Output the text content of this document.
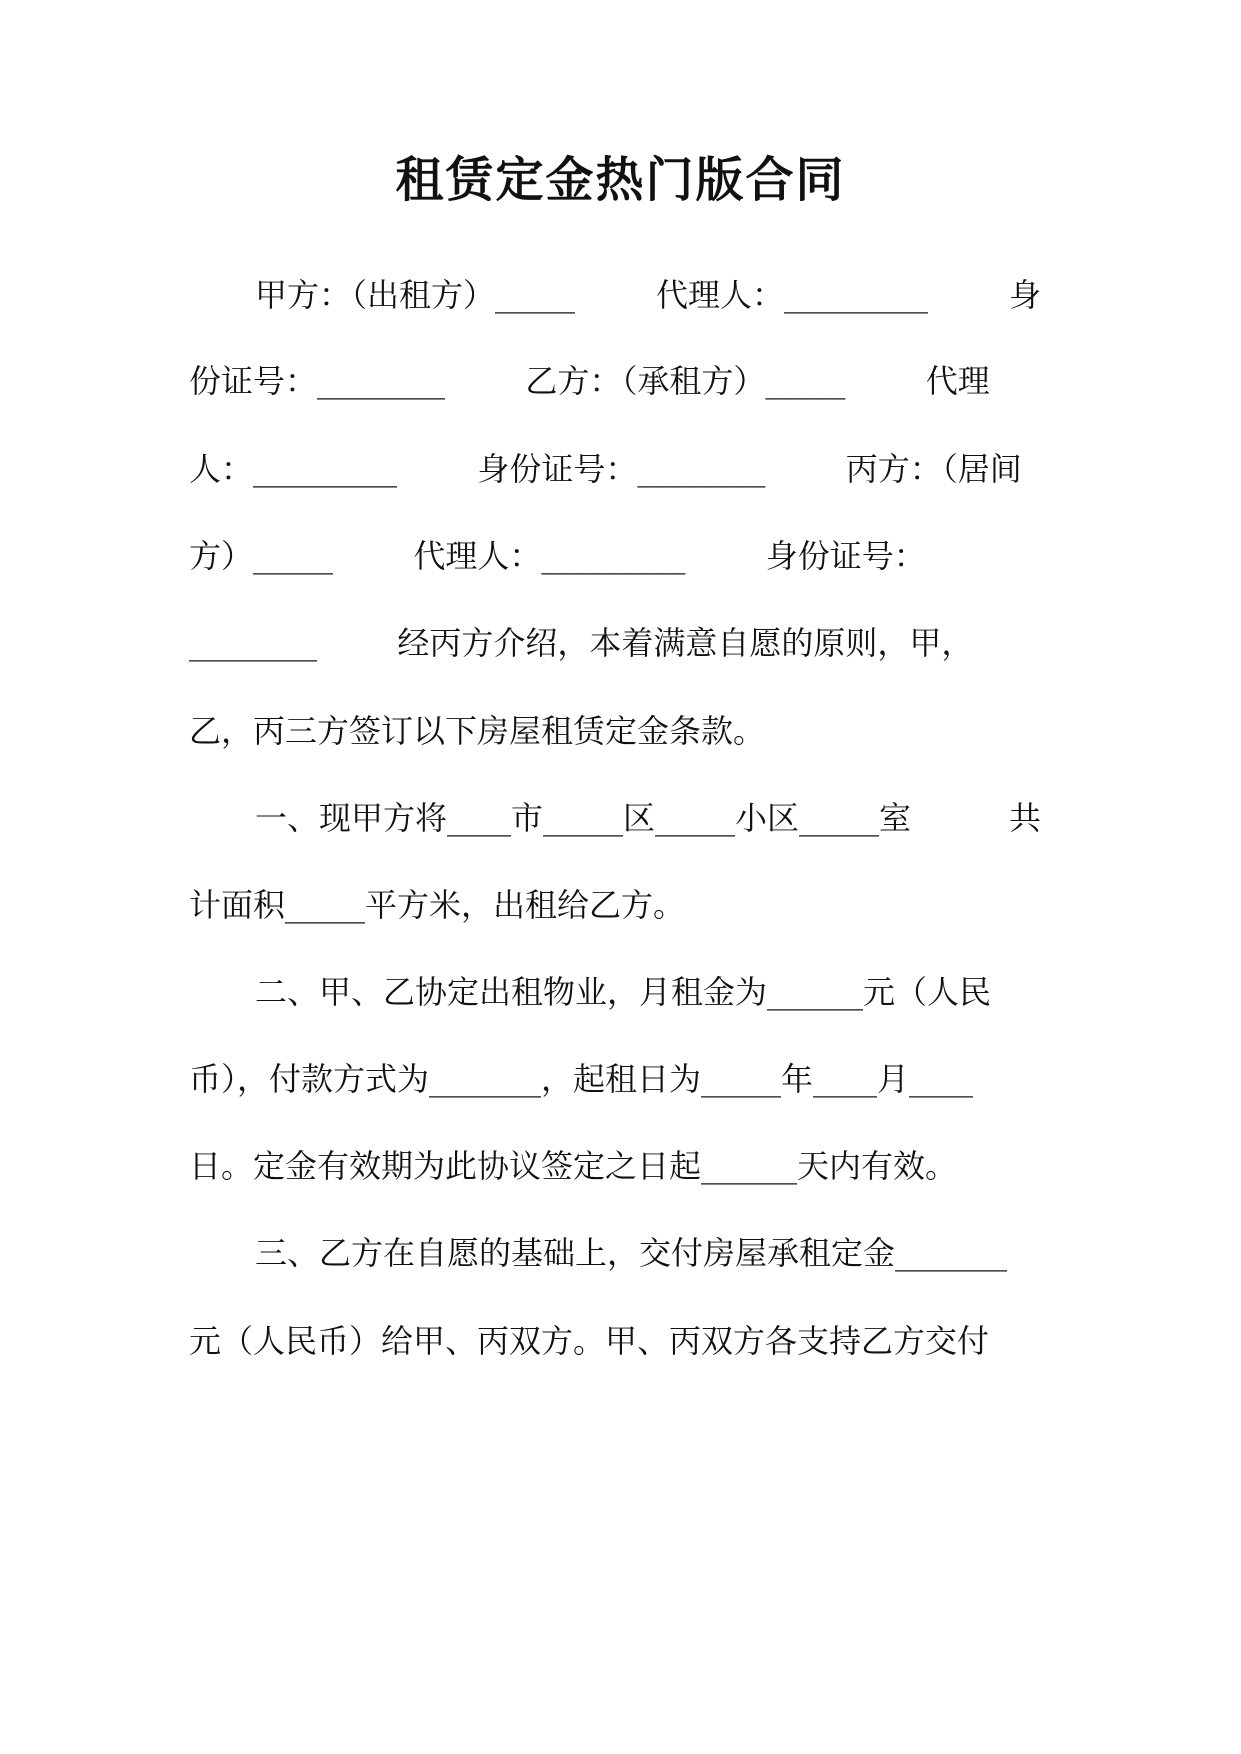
租赁定金热门版合同
甲方：（出租方）_____	代理人：_________	身
份证号：________	乙方：（承租方）_____	代理
人：_________	身份证号：________	丙方：（居间
方）_____	代理人：_________	身份证号：
________	经丙方介绍，本着满意自愿的原则，甲，
乙，丙三方签订以下房屋租赁定金条款。
一、现甲方将____市_____区_____小区_____室	共
计面积_____平方米，出租给乙方。
二、甲、乙协定出租物业，月租金为______元（人民
币），付款方式为_______，起租日为_____年____月____
日。定金有效期为此协议签定之日起______天内有效。
三、乙方在自愿的基础上，交付房屋承租定金_______
元（人民币）给甲、丙双方。甲、丙双方各支持乙方交付
